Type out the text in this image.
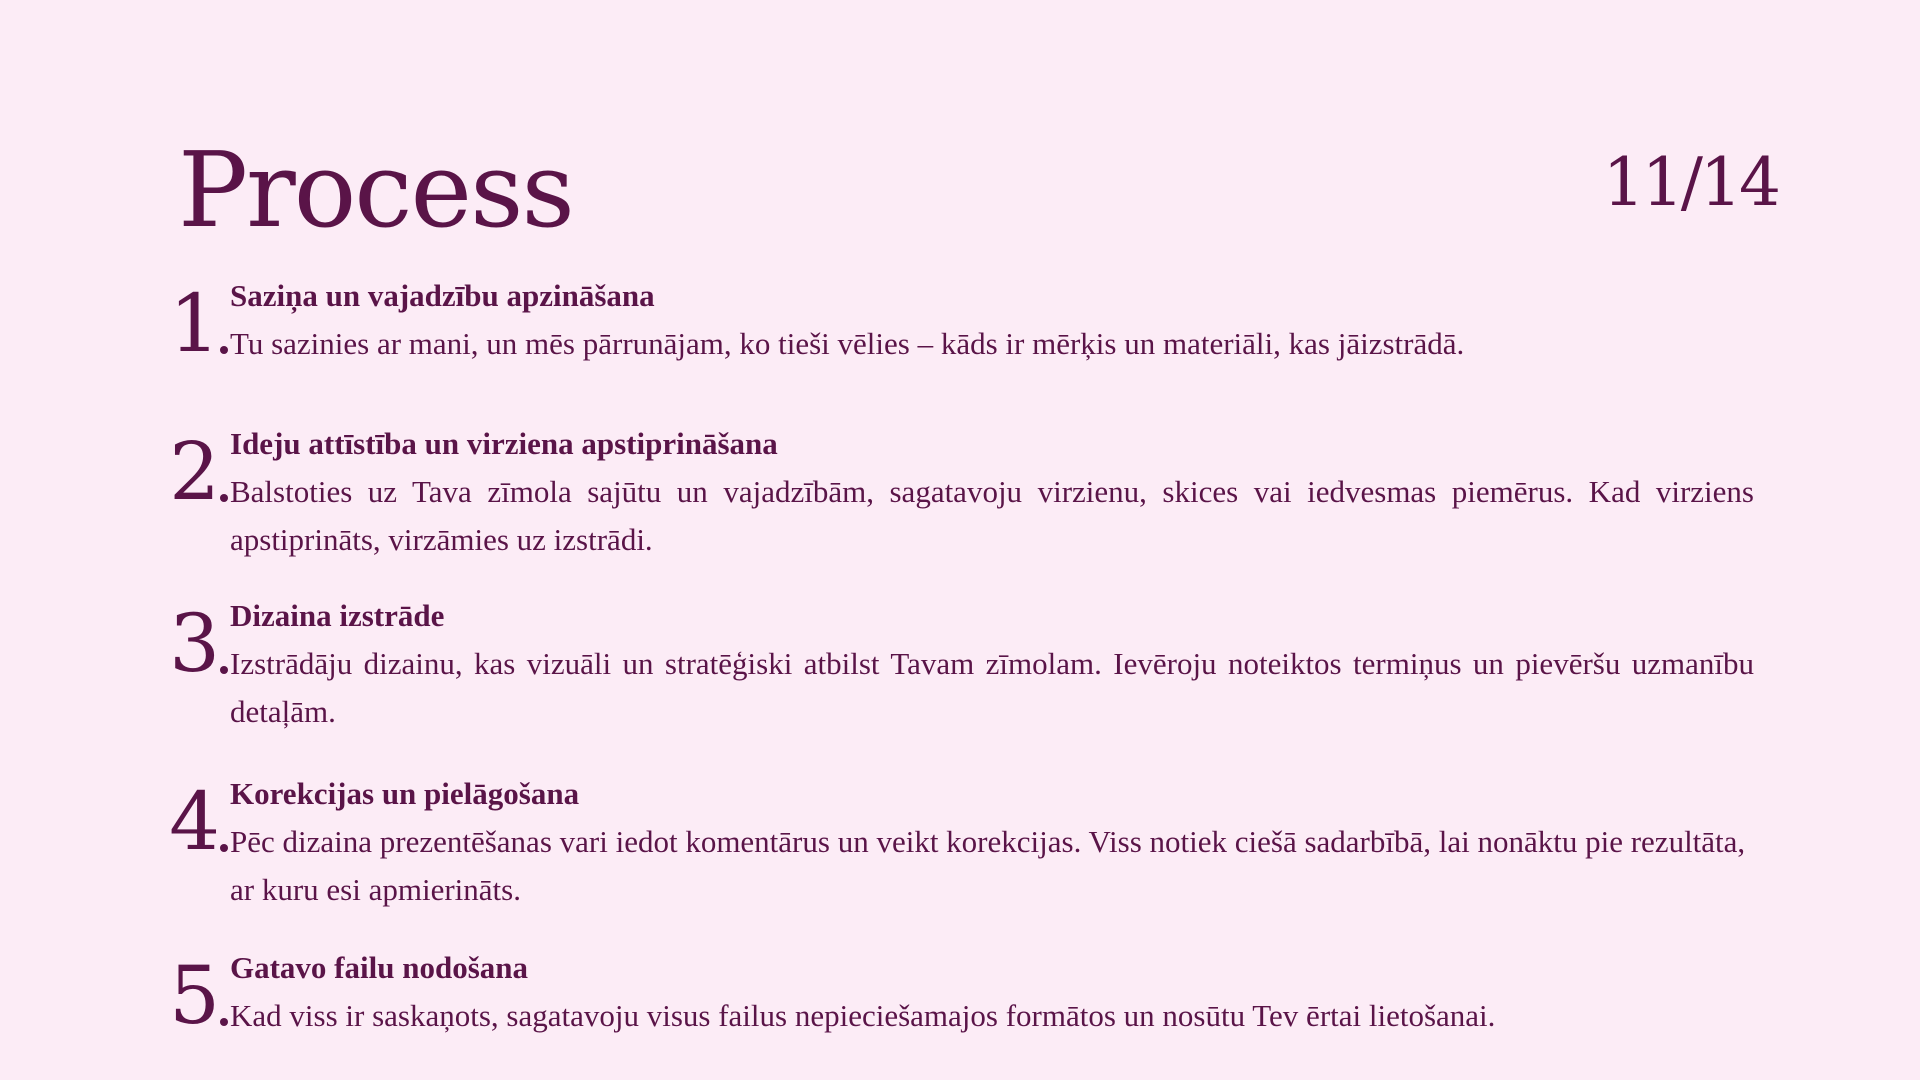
Process	11/14
1 Saziņa un vajadzību apzināšana

Tu sazinies ar mani, un mēs pārrunājam, ko tieši vēlies – kāds ir mērķis un materiāli, kas jāizstrādā.

2 Ideju attīstība un virziena apstiprināšana

Balstoties uz Tava zīmola sajūtu un vajadzībām, sagatavoju virzienu, skices vai iedvesmas piemērus. Kad virziens apstiprināts, virzāmies uz izstrādi.

3 Dizaina izstrāde

Izstrādāju dizainu, kas vizuāli un stratēģiski atbilst Tavam zīmolam. Ievēroju noteiktos termiņus un pievēršu uzmanību detaļām.

4 Korekcijas un pielāgošana

Pēc dizaina prezentēšanas vari iedot komentārus un veikt korekcijas. Viss notiek ciešā sadarbībā, lai nonāktu pie rezultāta, ar kuru esi apmierināts.

5 Gatavo failu nodošana

Kad viss ir saskaņots, sagatavoju visus failus nepieciešamajos formātos un nosūtu Tev ērtai lietošanai.
